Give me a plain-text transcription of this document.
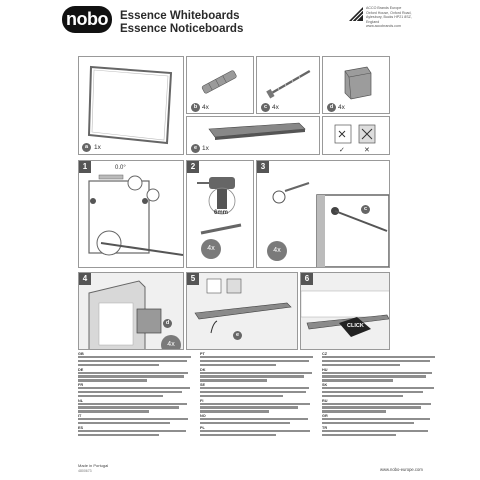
nobo	Essence Whiteboards
Essence Noticeboards
ACCO Brands Europe
Oxford House, Oxford Road,
Aylesbury, Bucks HP21 8SZ,
England
www.accobrands.com
a 1x
b 4x	c 4x	d 4x
e 1x	✓	✕
1	0.0°	2
6mm
4x
3
c
4x
4
d
4x
5
e
6
CLICK
GB
DE
FR
NL
IT
ES
PT
DK
SE
FI
NO
PL
CZ
HU
SK
RU
GR
TR
Made in Portugal
4800673	www.nobo-europe.com
